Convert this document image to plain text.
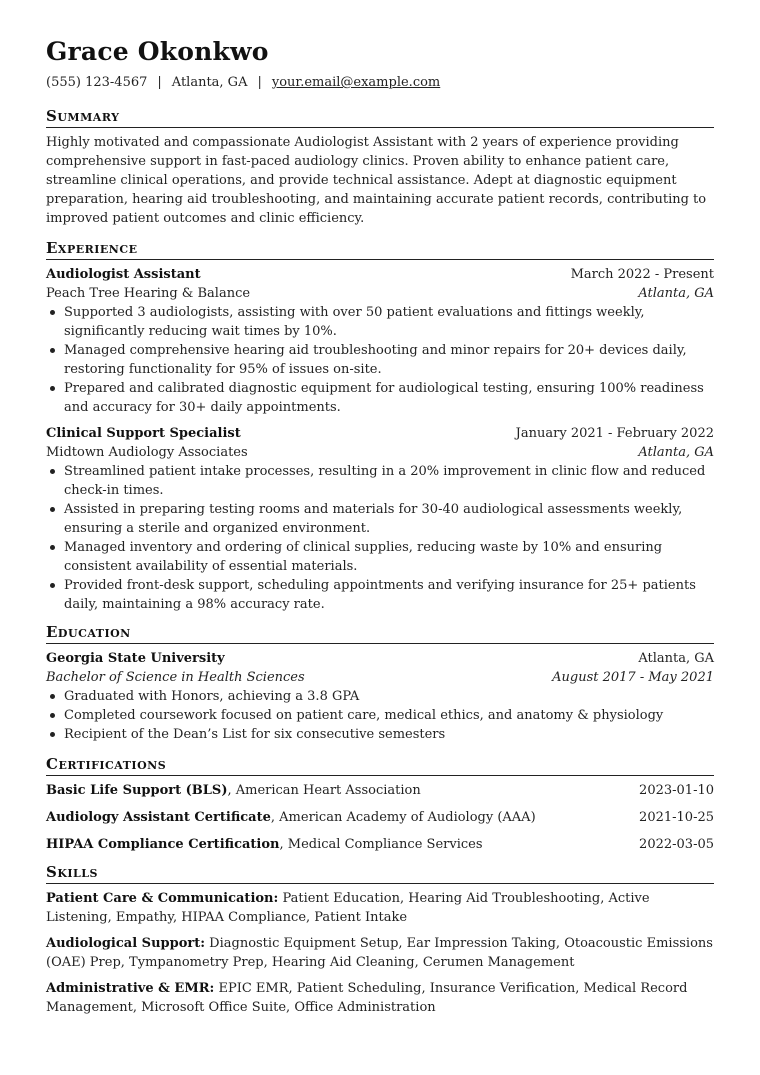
Grace Okonkwo
(555) 123-4567 | Atlanta, GA | your.email@example.com
Summary
Highly motivated and compassionate Audiologist Assistant with 2 years of experience providing comprehensive support in fast-paced audiology clinics. Proven ability to enhance patient care, streamline clinical operations, and provide technical assistance. Adept at diagnostic equipment preparation, hearing aid troubleshooting, and maintaining accurate patient records, contributing to improved patient outcomes and clinic efficiency.
Experience
Audiologist Assistant	March 2022 - Present
Peach Tree Hearing & Balance	Atlanta, GA
Supported 3 audiologists, assisting with over 50 patient evaluations and fittings weekly, significantly reducing wait times by 10%.
Managed comprehensive hearing aid troubleshooting and minor repairs for 20+ devices daily, restoring functionality for 95% of issues on-site.
Prepared and calibrated diagnostic equipment for audiological testing, ensuring 100% readiness and accuracy for 30+ daily appointments.
Clinical Support Specialist	January 2021 - February 2022
Midtown Audiology Associates	Atlanta, GA
Streamlined patient intake processes, resulting in a 20% improvement in clinic flow and reduced check-in times.
Assisted in preparing testing rooms and materials for 30-40 audiological assessments weekly, ensuring a sterile and organized environment.
Managed inventory and ordering of clinical supplies, reducing waste by 10% and ensuring consistent availability of essential materials.
Provided front-desk support, scheduling appointments and verifying insurance for 25+ patients daily, maintaining a 98% accuracy rate.
Education
Georgia State University	Atlanta, GA
Bachelor of Science in Health Sciences	August 2017 - May 2021
Graduated with Honors, achieving a 3.8 GPA
Completed coursework focused on patient care, medical ethics, and anatomy & physiology
Recipient of the Dean’s List for six consecutive semesters
Certifications
Basic Life Support (BLS), American Heart Association	2023-01-10
Audiology Assistant Certificate, American Academy of Audiology (AAA)	2021-10-25
HIPAA Compliance Certification, Medical Compliance Services	2022-03-05
Skills
Patient Care & Communication: Patient Education, Hearing Aid Troubleshooting, Active Listening, Empathy, HIPAA Compliance, Patient Intake
Audiological Support: Diagnostic Equipment Setup, Ear Impression Taking, Otoacoustic Emissions (OAE) Prep, Tympanometry Prep, Hearing Aid Cleaning, Cerumen Management
Administrative & EMR: EPIC EMR, Patient Scheduling, Insurance Verification, Medical Record Management, Microsoft Office Suite, Office Administration
